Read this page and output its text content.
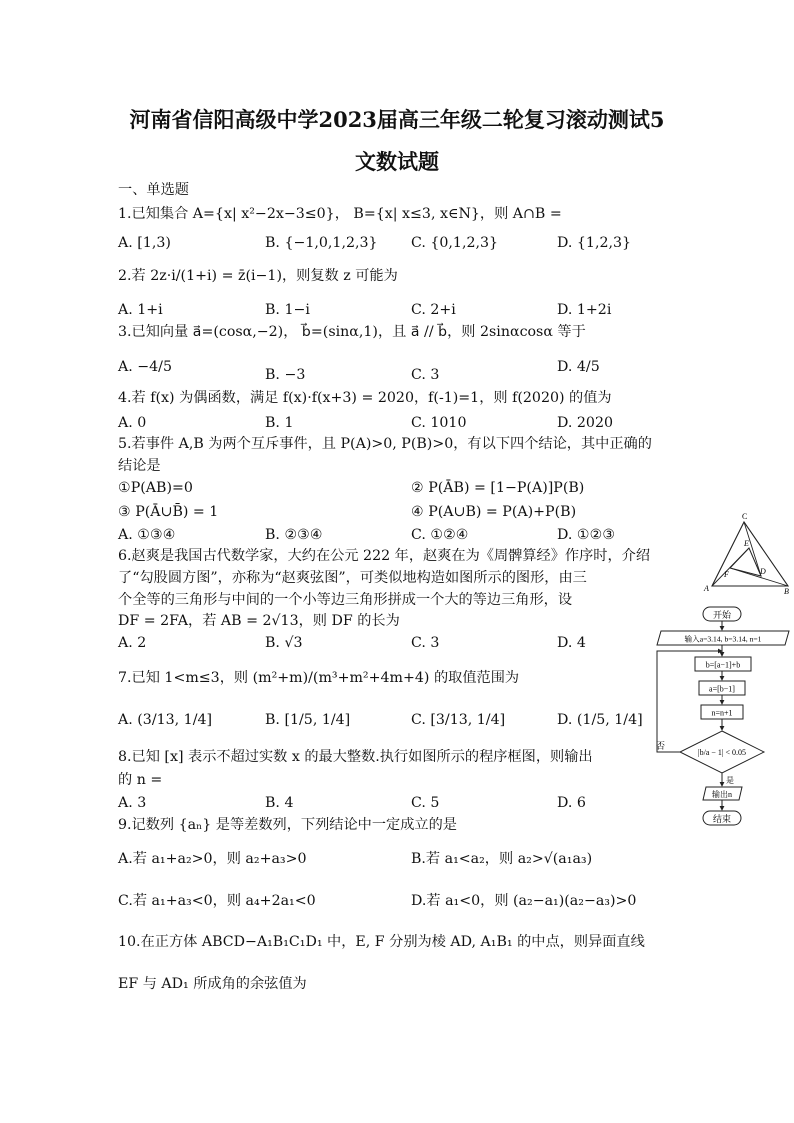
河南省信阳高级中学2023届高三年级二轮复习滚动测试5
文数试题
一、单选题
1.已知集合 A={x| x²−2x−3≤0}， B={x| x≤3, x∈N}，则 A∩B =
A. [1,3)	B. {−1,0,1,2,3} C. {0,1,2,3}	D. {1,2,3}
2.若 2z·i/(1+i) = z̄(i−1)，则复数 z 可能为
A. 1+i	B. 1−i	C. 2+i	D. 1+2i
3.已知向量 a⃗=(cosα,−2)， b⃗=(sinα,1)，且 a⃗ // b⃗，则 2sinαcosα 等于
A. −4/5	B. −3	C. 3	D. 4/5
4.若 f(x) 为偶函数，满足 f(x)·f(x+3) = 2020，f(-1)=1，则 f(2020) 的值为
A. 0	B. 1	C. 1010	D. 2020
5.若事件 A,B 为两个互斥事件，且 P(A)>0, P(B)>0，有以下四个结论，其中正确的
结论是
①P(AB)=0	② P(ĀB) = [1−P(A)]P(B)
③ P(Ā∪B̄) = 1	④ P(A∪B) = P(A)+P(B)
A. ①③④	B. ②③④	C. ①②④	D. ①②③
6.赵爽是我国古代数学家，大约在公元 222 年，赵爽在为《周髀算经》作序时，介绍
了“勾股圆方图”，亦称为“赵爽弦图”，可类似地构造如图所示的图形，由三
个全等的三角形与中间的一个小等边三角形拼成一个大的等边三角形，设
DF = 2FA，若 AB = 2√13，则 DF 的长为
A. 2	B. √3	C. 3	D. 4
7.已知 1<m≤3，则 (m²+m)/(m³+m²+4m+4) 的取值范围为
A. (3/13, 1/4]	B. [1/5, 1/4]	C. [3/13, 1/4]	D. (1/5, 1/4]
8.已知 [x] 表示不超过实数 x 的最大整数.执行如图所示的程序框图，则输出
的 n =
A. 3	B. 4	C. 5	D. 6
9.记数列 {aₙ} 是等差数列，下列结论中一定成立的是
A.若 a₁+a₂>0，则 a₂+a₃>0	B.若 a₁<a₂，则 a₂>√(a₁a₃)
C.若 a₁+a₃<0，则 a₄+2a₁<0	D.若 a₁<0，则 (a₂−a₁)(a₂−a₃)>0
10.在正方体 ABCD−A₁B₁C₁D₁ 中，E, F 分别为棱 AD, A₁B₁ 的中点，则异面直线
EF 与 AD₁ 所成角的余弦值为
C
E
F	D
A	B
开始
输入a=3.14, b=3.14, n=1
b=[a−1]+b
a=[b−1]
n=n+1
|b/a − 1| < 0.05
否
是
输出n
结束
